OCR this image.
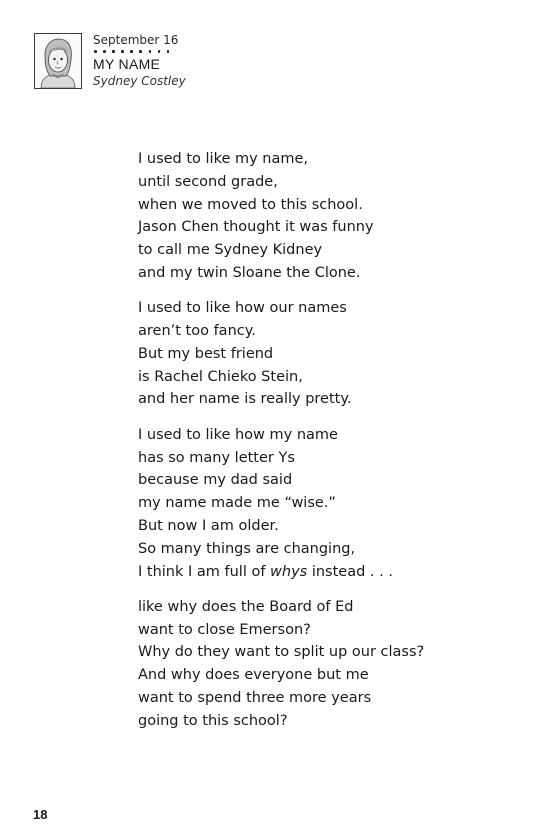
September 16
MY NAME
Sydney Costley
I used to like my name,
until second grade,
when we moved to this school.
Jason Chen thought it was funny
to call me Sydney Kidney
and my twin Sloane the Clone.
I used to like how our names
aren’t too fancy.
But my best friend
is Rachel Chieko Stein,
and her name is really pretty.
I used to like how my name
has so many letter Ys
because my dad said
my name made me “wise.”
But now I am older.
So many things are changing,
I think I am full of whys instead . . .
like why does the Board of Ed
want to close Emerson?
Why do they want to split up our class?
And why does everyone but me
want to spend three more years
going to this school?
18
